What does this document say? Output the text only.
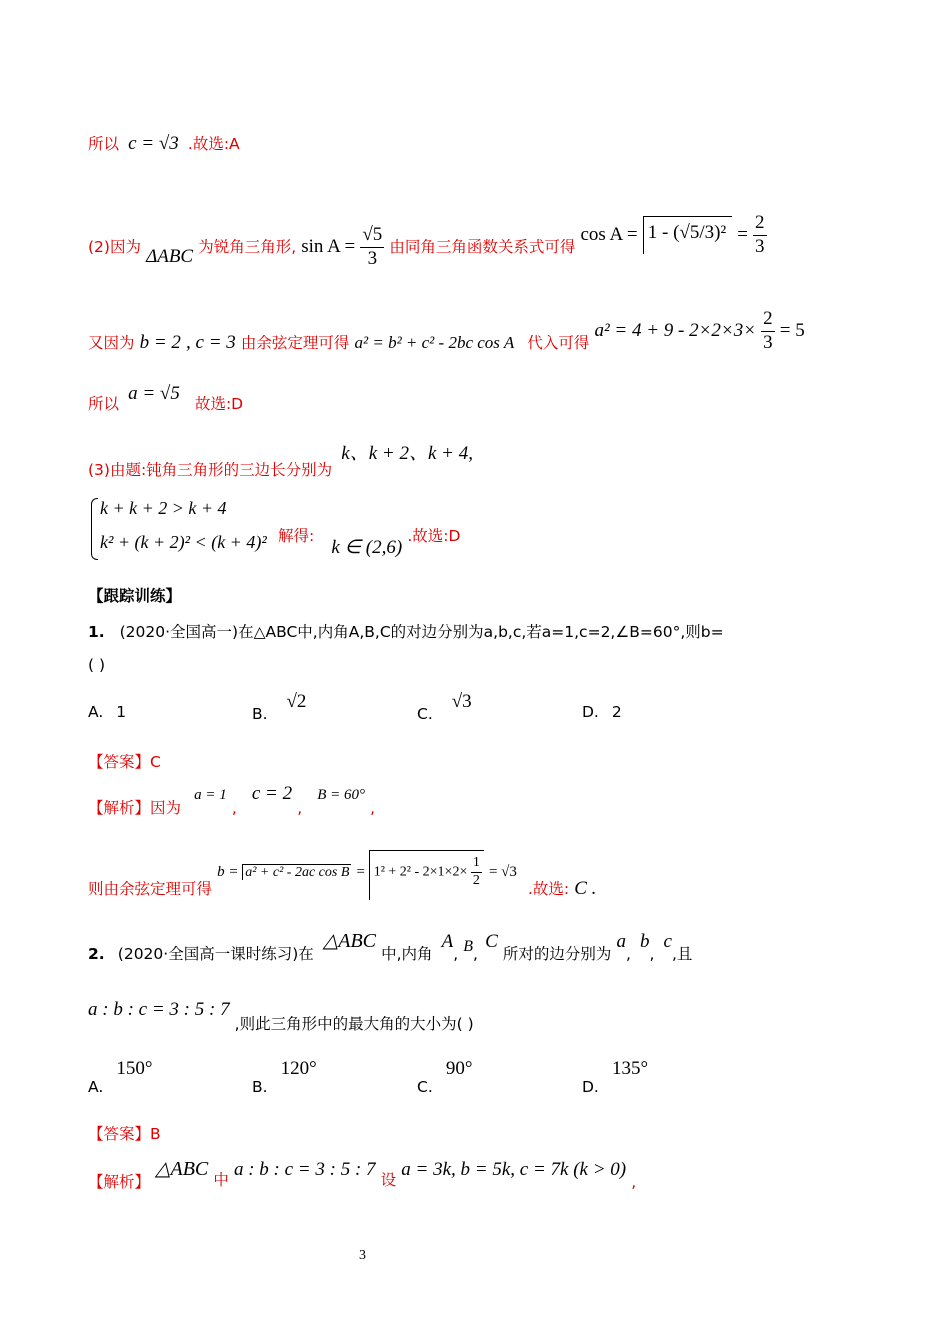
所以 c = √3 .故选:A
(2)因为 ΔABC 为锐角三角形, $\sin A = \frac{√5}{3}$ 由同角三角函数关系式可得 $\cos A = 1 - (√5/3)^2 = \frac{2}{3}$
又因为 b = 2 , c = 3 由余弦定理可得 a² = b² + c² - 2bc cos A 代入可得 $a^2 = 4 + 9 - 2\times 2\times 3\times \frac{2}{3} = 5$
所以 a = √5 故选:D
(3)由题:钝角三角形的三边长分别为 k、k + 2、k + 4,
k + k + 2 > k + 4
k² + (k + 2)² < (k + 4)² 解得: k ∈ (2,6) .故选:D
【跟踪训练】
1. (2020·全国高一)在△ABC中,内角A,B,C的对边分别为a,b,c,若a=1,c=2,∠B=60°,则b=
( )
A. 1	B. √2
C. √3	D. 2
【答案】C
【解析】因为 a = 1 , c = 2 , B = 60° ,
则由余弦定理可得 b = a² + c² - 2ac $\cos B = 1^2 + 2^2 - 2\times 1\times 2\times \frac{1}{2} = √3$ .故选: C .
2. (2020·全国高一课时练习)在 △ABC 中,内角 A, B, C 所对的边分别为 a, b, c,且
a : b : c = 3 : 5 : 7 ,则此三角形中的最大角的大小为( )
A. 150°
B. 120°
C. 90°
D. 135°
【答案】B
【解析】 △ABC 中 a : b : c = 3 : 5 : 7 设 a = 3k, b = 5k, c = 7k (k > 0) ,
3
